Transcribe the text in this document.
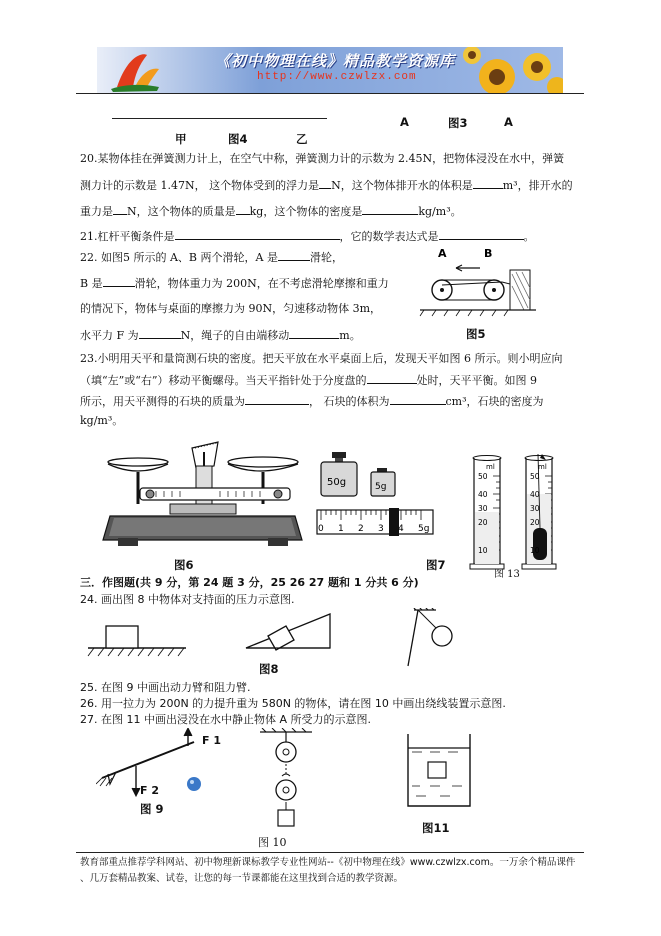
《初中物理在线》精品教学资源库
http://www.czwlzx.com
甲	图4	乙
A	图3	A
20.某物体挂在弹簧测力计上，在空气中称，弹簧测力计的示数为 2.45N，把物体浸没在水中，弹簧
测力计的示数是 1.47N， 这个物体受到的浮力是 N，这个物体排开水的体积是	m³，排开水的
重力是 N，这个物体的质量是 kg，这个物体的密度是	kg/m³。
21.杠杆平衡条件是	，它的数学表达式是	。
22. 如图5 所示的 A、B 两个滑轮，A 是	滑轮，
B 是	滑轮，物体重力为 200N，在不考虑滑轮摩擦和重力
的情况下，物体与桌面的摩擦力为 90N，匀速移动物体 3m，
水平力 F 为	N，绳子的自由端移动	m。
A	B
图5
23.小明用天平和量筒测石块的密度。把天平放在水平桌面上后，发现天平如图 6 所示。则小明应向
（填“左”或“右”）移动平衡螺母。当天平指针处于分度盘的	处时，天平平衡。如图 9
所示，用天平测得的石块的质量为	， 石块的体积为	cm³，石块的密度为
kg/m³。
图6
50g	5g
0 1 2 3 4 5g
图7
ml	ml
50
40
30
20
10
50
40
30
20
10
图 13
三．作图题(共 9 分，第 24 题 3 分，25 26 27 题和 1 分共 6 分)
24. 画出图 8 中物体对支持面的压力示意图.
图8
25. 在图 9 中画出动力臂和阻力臂.
26. 用一拉力为 200N 的力提升重为 580N 的物体，请在图 10 中画出绕线装置示意图.
27. 在图 11 中画出浸没在水中静止物体 A 所受力的示意图.
F 1
F 2
图 9
图 10
图11
教育部重点推荐学科网站、初中物理新课标教学专业性网站--《初中物理在线》www.czwlzx.com。一万余个精品课件
、几万套精品教案、试卷，让您的每一节课都能在这里找到合适的教学资源。
